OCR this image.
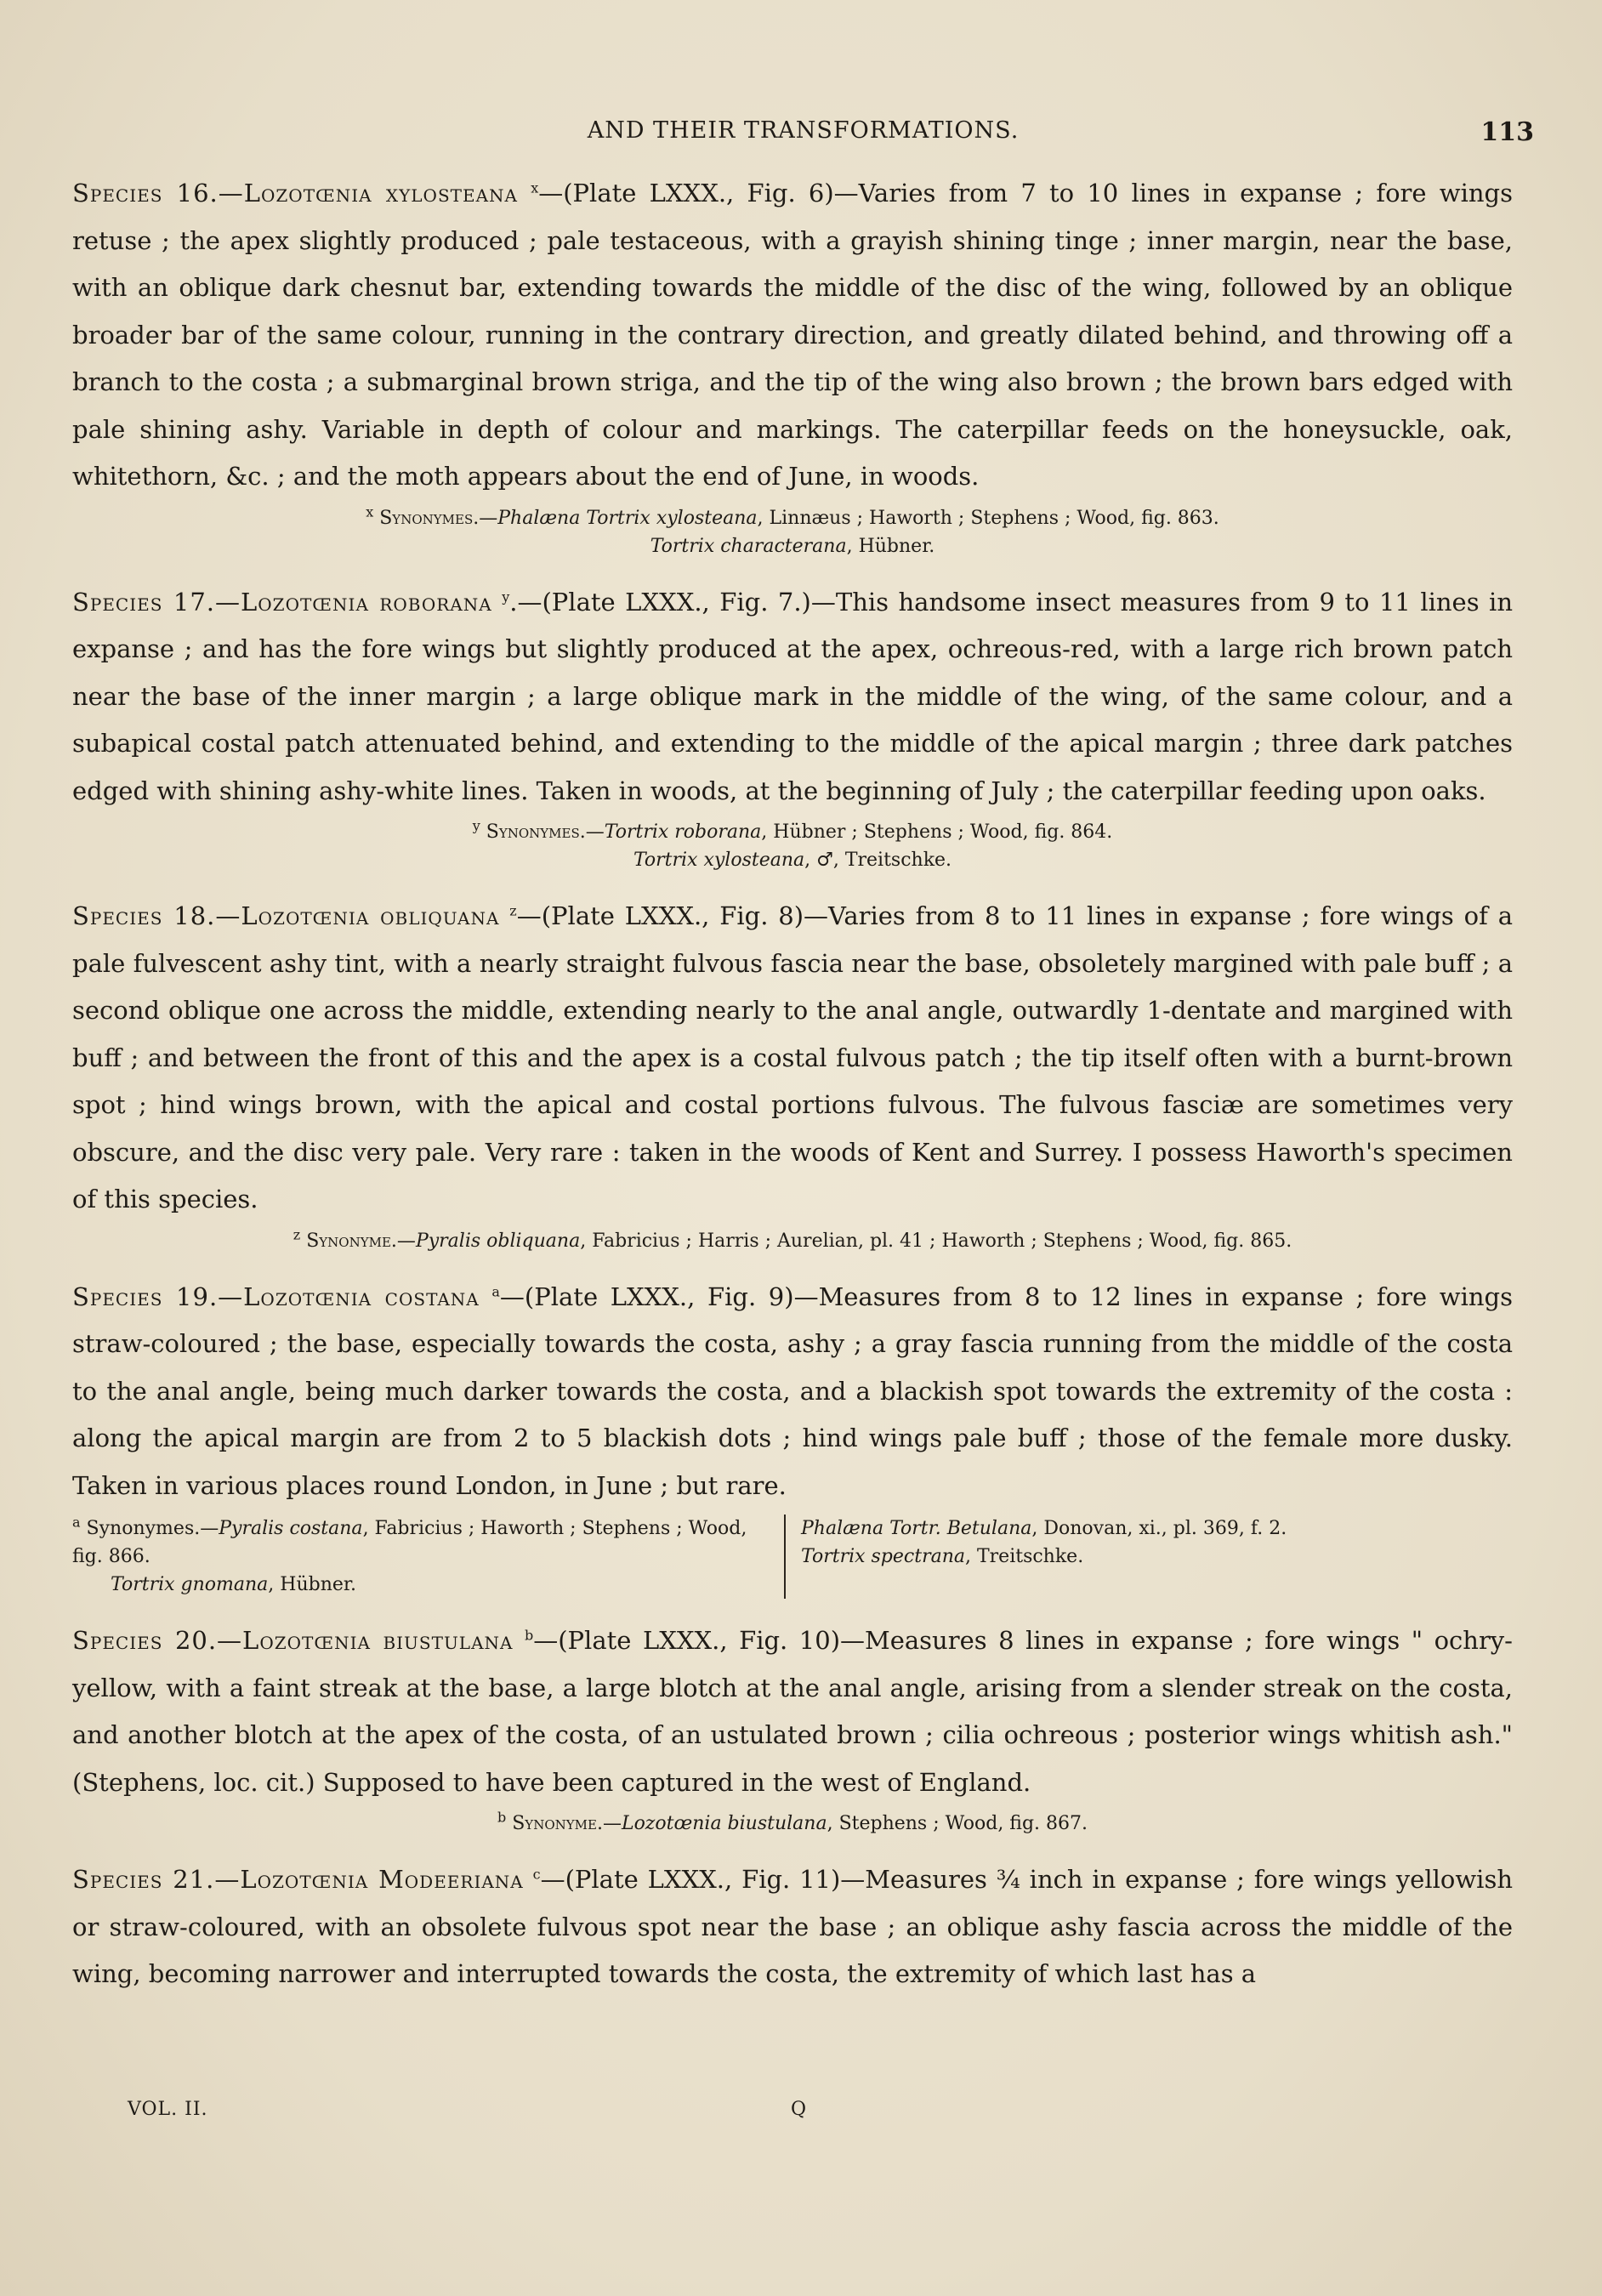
AND THEIR TRANSFORMATIONS.	113

Species 16.—Lozotœnia xylosteana $^x$—(Plate LXXX., Fig. 6)—Varies from 7 to 10 lines in expanse ; fore wings retuse ; the apex slightly produced ; pale testaceous, with a grayish shining tinge ; inner margin, near the base, with an oblique dark chesnut bar, extending towards the middle of the disc of the wing, followed by an oblique broader bar of the same colour, running in the contrary direction, and greatly dilated behind, and throwing off a branch to the costa ; a submarginal brown striga, and the tip of the wing also brown ; the brown bars edged with pale shining ashy. Variable in depth of colour and markings. The caterpillar feeds on the honeysuckle, oak, whitethorn, &c. ; and the moth appears about the end of June, in woods.

$^x$ Synonymes.—Phalæna Tortrix xylosteana, Linnæus ; Haworth ; Stephens ; Wood, fig. 863.
Tortrix characterana, Hübner.

Species 17.—Lozotœnia roborana $^y$.—(Plate LXXX., Fig. 7.)—This handsome insect measures from 9 to 11 lines in expanse ; and has the fore wings but slightly produced at the apex, ochreous-red, with a large rich brown patch near the base of the inner margin ; a large oblique mark in the middle of the wing, of the same colour, and a subapical costal patch attenuated behind, and extending to the middle of the apical margin ; three dark patches edged with shining ashy-white lines. Taken in woods, at the beginning of July ; the caterpillar feeding upon oaks.

$^y$ Synonymes.—Tortrix roborana, Hübner ; Stephens ; Wood, fig. 864.
Tortrix xylosteana, ♂, Treitschke.

Species 18.—Lozotœnia obliquana $^z$—(Plate LXXX., Fig. 8)—Varies from 8 to 11 lines in expanse ; fore wings of a pale fulvescent ashy tint, with a nearly straight fulvous fascia near the base, obsoletely margined with pale buff ; a second oblique one across the middle, extending nearly to the anal angle, outwardly 1-dentate and margined with buff ; and between the front of this and the apex is a costal fulvous patch ; the tip itself often with a burnt-brown spot ; hind wings brown, with the apical and costal portions fulvous. The fulvous fasciæ are sometimes very obscure, and the disc very pale. Very rare : taken in the woods of Kent and Surrey. I possess Haworth's specimen of this species.

$^z$ Synonyme.—Pyralis obliquana, Fabricius ; Harris ; Aurelian, pl. 41 ; Haworth ; Stephens ; Wood, fig. 865.

Species 19.—Lozotœnia costana $^a$—(Plate LXXX., Fig. 9)—Measures from 8 to 12 lines in expanse ; fore wings straw-coloured ; the base, especially towards the costa, ashy ; a gray fascia running from the middle of the costa to the anal angle, being much darker towards the costa, and a blackish spot towards the extremity of the costa : along the apical margin are from 2 to 5 blackish dots ; hind wings pale buff ; those of the female more dusky. Taken in various places round London, in June ; but rare.

$^a$ Synonymes.—Pyralis costana, Fabricius ; Haworth ; Stephens ; Wood, fig. 866.
Tortrix gnomana, Hübner.
Phalæna Tortr. Betulana, Donovan, xi., pl. 369, f. 2.
Tortrix spectrana, Treitschke.

Species 20.—Lozotœnia biustulana $^b$—(Plate LXXX., Fig. 10)—Measures 8 lines in expanse ; fore wings " ochry-yellow, with a faint streak at the base, a large blotch at the anal angle, arising from a slender streak on the costa, and another blotch at the apex of the costa, of an ustulated brown ; cilia ochreous ; posterior wings whitish ash." (Stephens, loc. cit.) Supposed to have been captured in the west of England.

$^b$ Synonyme.—Lozotœnia biustulana, Stephens ; Wood, fig. 867.

Species 21.—Lozotœnia Modeeriana $^c$—(Plate LXXX., Fig. 11)—Measures ¾ inch in expanse ; fore wings yellowish or straw-coloured, with an obsolete fulvous spot near the base ; an oblique ashy fascia across the middle of the wing, becoming narrower and interrupted towards the costa, the extremity of which last has a

VOL. II.	Q
